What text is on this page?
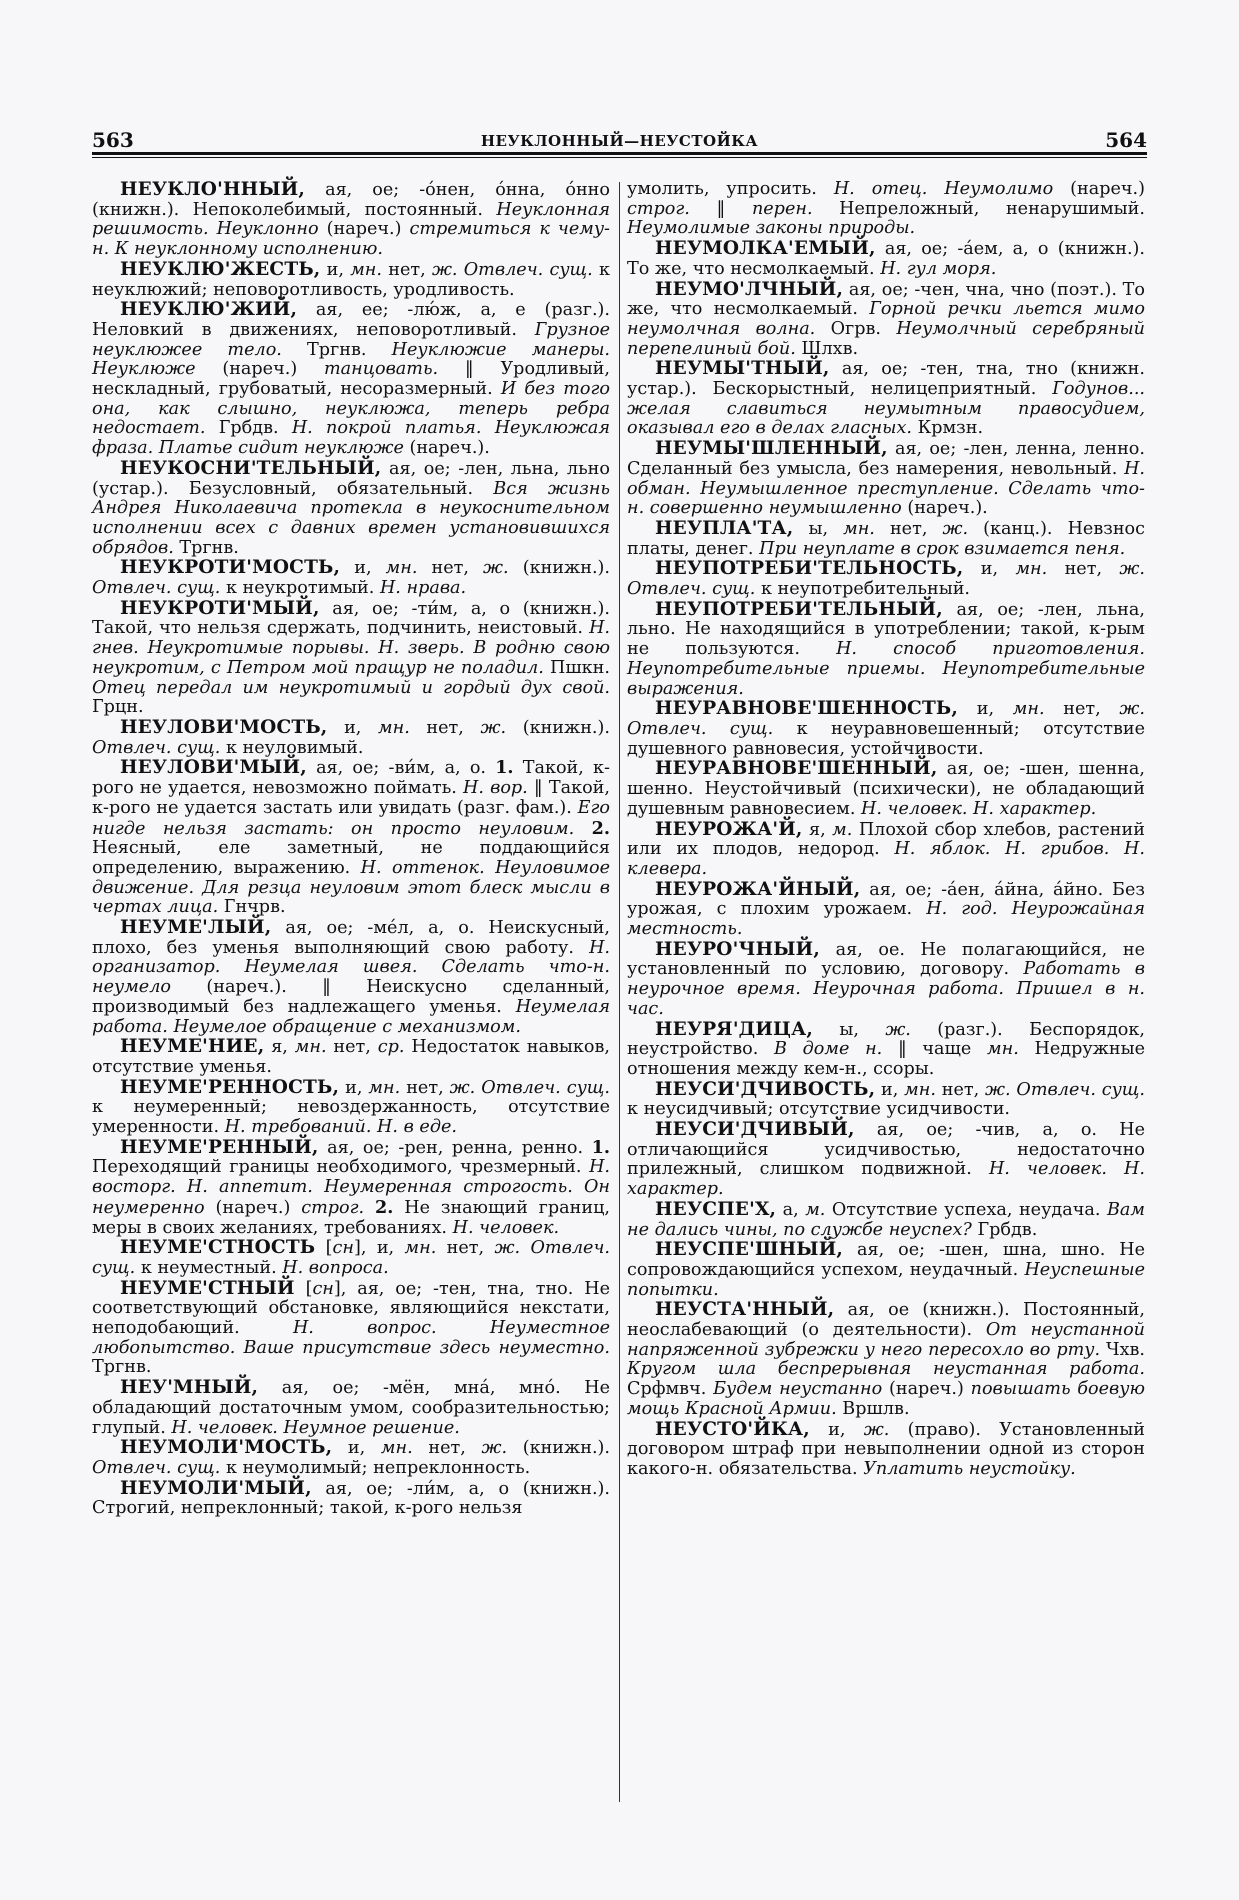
563	НЕУКЛОННЫЙ—НЕУСТОЙКА	564

НЕУКЛО'ННЫЙ, ая, ое; -о́нен, о́нна, о́нно (книжн.). Непоколебимый, постоянный. Неуклонная решимость. Неуклонно (нареч.) стремиться к чему-н. К неуклонному исполнению.

НЕУКЛЮ'ЖЕСТЬ, и, мн. нет, ж. Отвлеч. сущ. к неуклюжий; неповоротливость, уродливость.

НЕУКЛЮ'ЖИЙ, ая, ее; -лю́ж, а, е (разг.). Неловкий в движениях, неповоротливый. Грузное неуклюжее тело. Тргнв. Неуклюжие манеры. Неуклюже (нареч.) танцовать. ‖ Уродливый, нескладный, грубоватый, несоразмерный. И без того она, как слышно, неуклюжа, теперь ребра недостает. Грбдв. Н. покрой платья. Неуклюжая фраза. Платье сидит неуклюже (нареч.).

НЕУКОСНИ'ТЕЛЬНЫЙ, ая, ое; -лен, льна, льно (устар.). Безусловный, обязательный. Вся жизнь Андрея Николаевича протекла в неукоснительном исполнении всех с давних времен установившихся обрядов. Тргнв.

НЕУКРОТИ'МОСТЬ, и, мн. нет, ж. (книжн.). Отвлеч. сущ. к неукротимый. Н. нрава.

НЕУКРОТИ'МЫЙ, ая, ое; -ти́м, а, о (книжн.). Такой, что нельзя сдержать, подчинить, неистовый. Н. гнев. Неукротимые порывы. Н. зверь. В родню свою неукротим, с Петром мой пращур не поладил. Пшкн. Отец передал им неукротимый и гордый дух свой. Грцн.

НЕУЛОВИ'МОСТЬ, и, мн. нет, ж. (книжн.). Отвлеч. сущ. к неуловимый.

НЕУЛОВИ'МЫЙ, ая, ое; -ви́м, а, о. 1. Такой, к-рого не удается, невозможно поймать. Н. вор. ‖ Такой, к-рого не удается застать или увидать (разг. фам.). Его нигде нельзя застать: он просто неуловим. 2. Неясный, еле заметный, не поддающийся определению, выражению. Н. оттенок. Неуловимое движение. Для резца неуловим этот блеск мысли в чертах лица. Гнчрв.

НЕУМЕ'ЛЫЙ, ая, ое; -ме́л, а, о. Неискусный, плохо, без уменья выполняющий свою работу. Н. организатор. Неумелая швея. Сделать что-н. неумело (нареч.). ‖ Неискусно сделанный, производимый без надлежащего уменья. Неумелая работа. Неумелое обращение с механизмом.

НЕУМЕ'НИЕ, я, мн. нет, ср. Недостаток навыков, отсутствие уменья.

НЕУМЕ'РЕННОСТЬ, и, мн. нет, ж. Отвлеч. сущ. к неумеренный; невоздержанность, отсутствие умеренности. Н. требований. Н. в еде.

НЕУМЕ'РЕННЫЙ, ая, ое; -рен, ренна, ренно. 1. Переходящий границы необходимого, чрезмерный. Н. восторг. Н. аппетит. Неумеренная строгость. Он неумеренно (нареч.) строг. 2. Не знающий границ, меры в своих желаниях, требованиях. Н. человек.

НЕУМЕ'СТНОСТЬ [сн], и, мн. нет, ж. Отвлеч. сущ. к неуместный. Н. вопроса.

НЕУМЕ'СТНЫЙ [сн], ая, ое; -тен, тна, тно. Не соответствующий обстановке, являющийся некстати, неподобающий. Н. вопрос. Неуместное любопытство. Ваше присутствие здесь неуместно. Тргнв.

НЕУ'МНЫЙ, ая, ое; -мён, мна́, мно́. Не обладающий достаточным умом, сообразительностью; глупый. Н. человек. Неумное решение.

НЕУМОЛИ'МОСТЬ, и, мн. нет, ж. (книжн.). Отвлеч. сущ. к неумолимый; непреклонность.

НЕУМОЛИ'МЫЙ, ая, ое; -ли́м, а, о (книжн.). Строгий, непреклонный; такой, к-рого нельзя

умолить, упросить. Н. отец. Неумолимо (нареч.) строг. ‖ перен. Непреложный, ненарушимый. Неумолимые законы природы.

НЕУМОЛКА'ЕМЫЙ, ая, ое; -а́ем, а, о (книжн.). То же, что несмолкаемый. Н. гул моря.

НЕУМО'ЛЧНЫЙ, ая, ое; -чен, чна, чно (поэт.). То же, что несмолкаемый. Горной речки льется мимо неумолчная волна. Огрв. Неумолчный серебряный перепелиный бой. Шлхв.

НЕУМЫ'ТНЫЙ, ая, ое; -тен, тна, тно (книжн. устар.). Бескорыстный, нелицеприятный. Годунов... желая славиться неумытным правосудием, оказывал его в делах гласных. Крмзн.

НЕУМЫ'ШЛЕННЫЙ, ая, ое; -лен, ленна, ленно. Сделанный без умысла, без намерения, невольный. Н. обман. Неумышленное преступление. Сделать что-н. совершенно неумышленно (нареч.).

НЕУПЛА'ТА, ы, мн. нет, ж. (канц.). Невзнос платы, денег. При неуплате в срок взимается пеня.

НЕУПОТРЕБИ'ТЕЛЬНОСТЬ, и, мн. нет, ж. Отвлеч. сущ. к неупотребительный.

НЕУПОТРЕБИ'ТЕЛЬНЫЙ, ая, ое; -лен, льна, льно. Не находящийся в употреблении; такой, к-рым не пользуются. Н. способ приготовления. Неупотребительные приемы. Неупотребительные выражения.

НЕУРАВНОВЕ'ШЕННОСТЬ, и, мн. нет, ж. Отвлеч. сущ. к неуравновешенный; отсутствие душевного равновесия, устойчивости.

НЕУРАВНОВЕ'ШЕННЫЙ, ая, ое; -шен, шенна, шенно. Неустойчивый (психически), не обладающий душевным равновесием. Н. человек. Н. характер.

НЕУРОЖА'Й, я, м. Плохой сбор хлебов, растений или их плодов, недород. Н. яблок. Н. грибов. Н. клевера.

НЕУРОЖА'ЙНЫЙ, ая, ое; -а́ен, а́йна, а́йно. Без урожая, с плохим урожаем. Н. год. Неурожайная местность.

НЕУРО'ЧНЫЙ, ая, ое. Не полагающийся, не установленный по условию, договору. Работать в неурочное время. Неурочная работа. Пришел в н. час.

НЕУРЯ'ДИЦА, ы, ж. (разг.). Беспорядок, неустройство. В доме н. ‖ чаще мн. Недружные отношения между кем-н., ссоры.

НЕУСИ'ДЧИВОСТЬ, и, мн. нет, ж. Отвлеч. сущ. к неусидчивый; отсутствие усидчивости.

НЕУСИ'ДЧИВЫЙ, ая, ое; -чив, а, о. Не отличающийся усидчивостью, недостаточно прилежный, слишком подвижной. Н. человек. Н. характер.

НЕУСПЕ'Х, а, м. Отсутствие успеха, неудача. Вам не дались чины, по службе неуспех? Грбдв.

НЕУСПЕ'ШНЫЙ, ая, ое; -шен, шна, шно. Не сопровождающийся успехом, неудачный. Неуспешные попытки.

НЕУСТА'ННЫЙ, ая, ое (книжн.). Постоянный, неослабевающий (о деятельности). От неустанной напряженной зубрежки у него пересохло во рту. Чхв. Кругом шла беспрерывная неустанная работа. Срфмвч. Будем неустанно (нареч.) повышать боевую мощь Красной Армии. Вршлв.

НЕУСТО'ЙКА, и, ж. (право). Установленный договором штраф при невыполнении одной из сторон какого-н. обязательства. Уплатить неустойку.
